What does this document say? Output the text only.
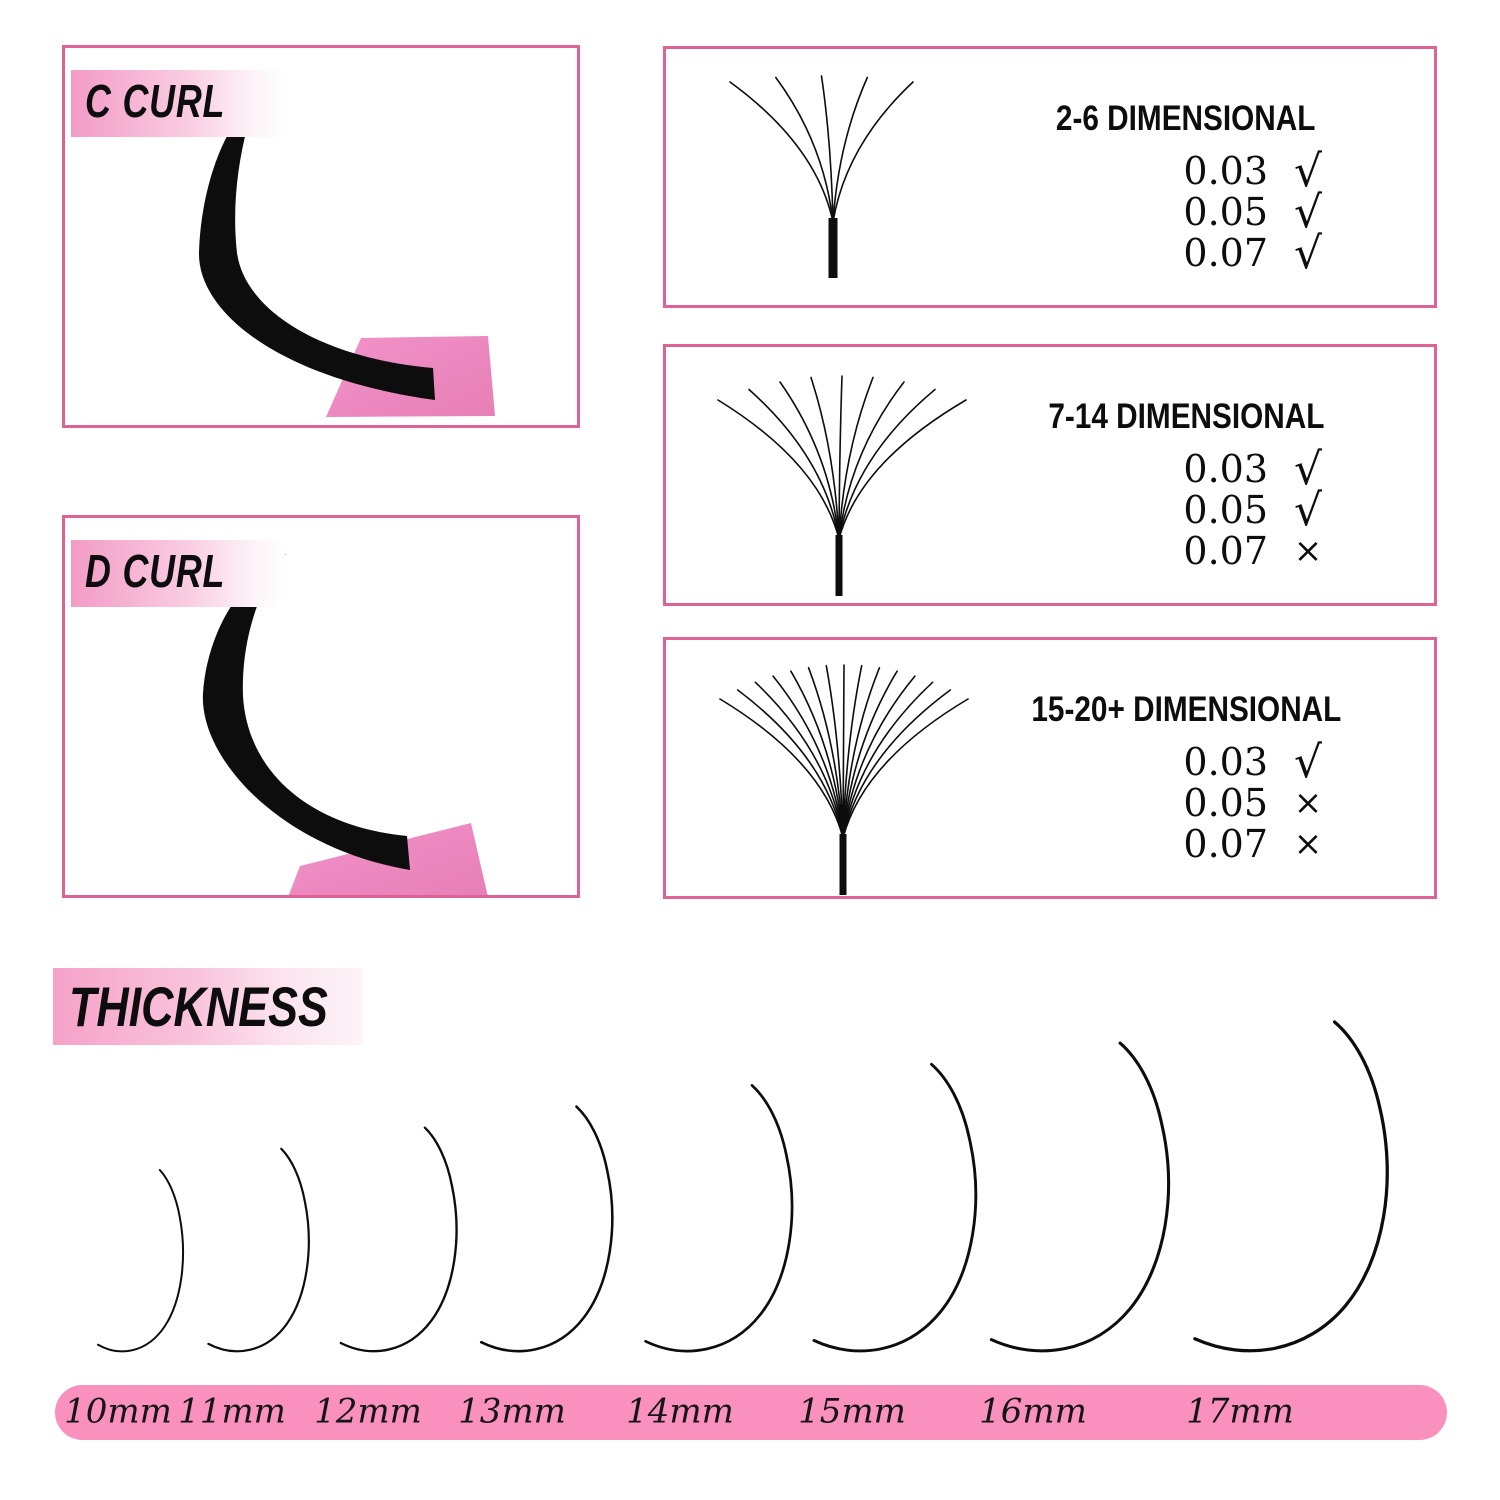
C CURL
D CURL
2-6 DIMENSIONAL
0.03 √
0.05 √
0.07 √
7-14 DIMENSIONAL
0.03 √
0.05 √
0.07 ×
15-20+ DIMENSIONAL
0.03 √
0.05 ×
0.07 ×
THICKNESS
10mm 11mm 12mm 13mm 14mm 15mm 16mm	17mm
